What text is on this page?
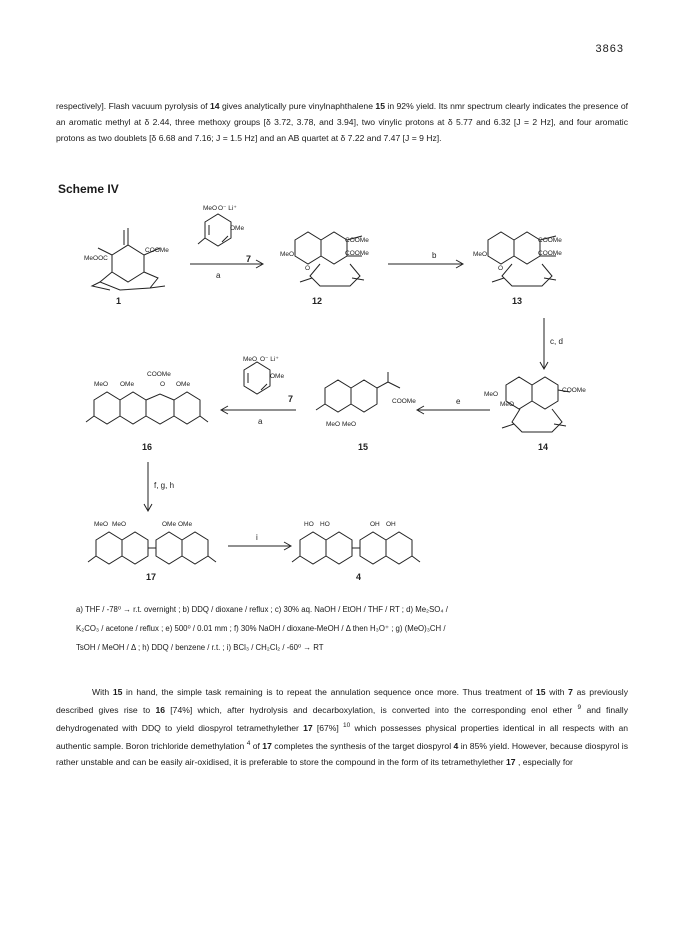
3863

respectively]. Flash vacuum pyrolysis of 14 gives analytically pure vinylnaphthalene 15 in 92% yield. Its nmr spectrum clearly indicates the presence of an aromatic methyl at δ 2.44, three methoxy groups [δ 3.72, 3.78, and 3.94], two vinylic protons at δ 5.77 and 6.32 [J = 2 Hz], and four aromatic protons as two doublets [δ 6.68 and 7.16; J = 1.5 Hz] and an AB quartet at δ 7.22 and 7.47 [J = 9 Hz].

Scheme IV
MeO O⁻ Li⁺
OMe
COOMe
MeOOC
COOMe
COOMe
MeO
O
COOMe
COOMe
MeO
O
COOMe
MeO
MeO
COOMe
MeO MeO
MeO O⁻ Li⁺
OMe
COOMe
MeO OMe	O OMe
MeO MeO	OMe OMe	HO HO	OH OH
1	12	13
14
15
16
17	4
7
7
a
b
c, d
e
a
f, g, h
i

a) THF / -78⁰ → r.t. overnight ; b) DDQ / dioxane / reflux ; c) 30% aq. NaOH / EtOH / THF / RT ; d) Me₂SO₄ /

K₂CO₃ / acetone / reflux ; e) 500⁰ / 0.01 mm ; f) 30% NaOH / dioxane-MeOH / Δ then H₃O⁺ ; g) (MeO)₃CH /

TsOH / MeOH / Δ ; h) DDQ / benzene / r.t. ; i) BCl₃ / CH₂Cl₂ / -60⁰ → RT

With 15 in hand, the simple task remaining is to repeat the annulation sequence once more. Thus treatment of 15 with 7 as previously described gives rise to 16 [74%] which, after hydrolysis and decarboxylation, is converted into the corresponding enol ether $^9$ and finally dehydrogenated with DDQ to yield diospyrol tetramethylether 17 [67%] $^{10}$ which possesses physical properties identical in all respects with an authentic sample. Boron trichloride demethylation $^4$ of 17 completes the synthesis of the target diospyrol 4 in 85% yield. However, because diospyrol is rather unstable and can be easily air-oxidised, it is preferable to store the compound in the form of its tetramethylether 17 , especially for
